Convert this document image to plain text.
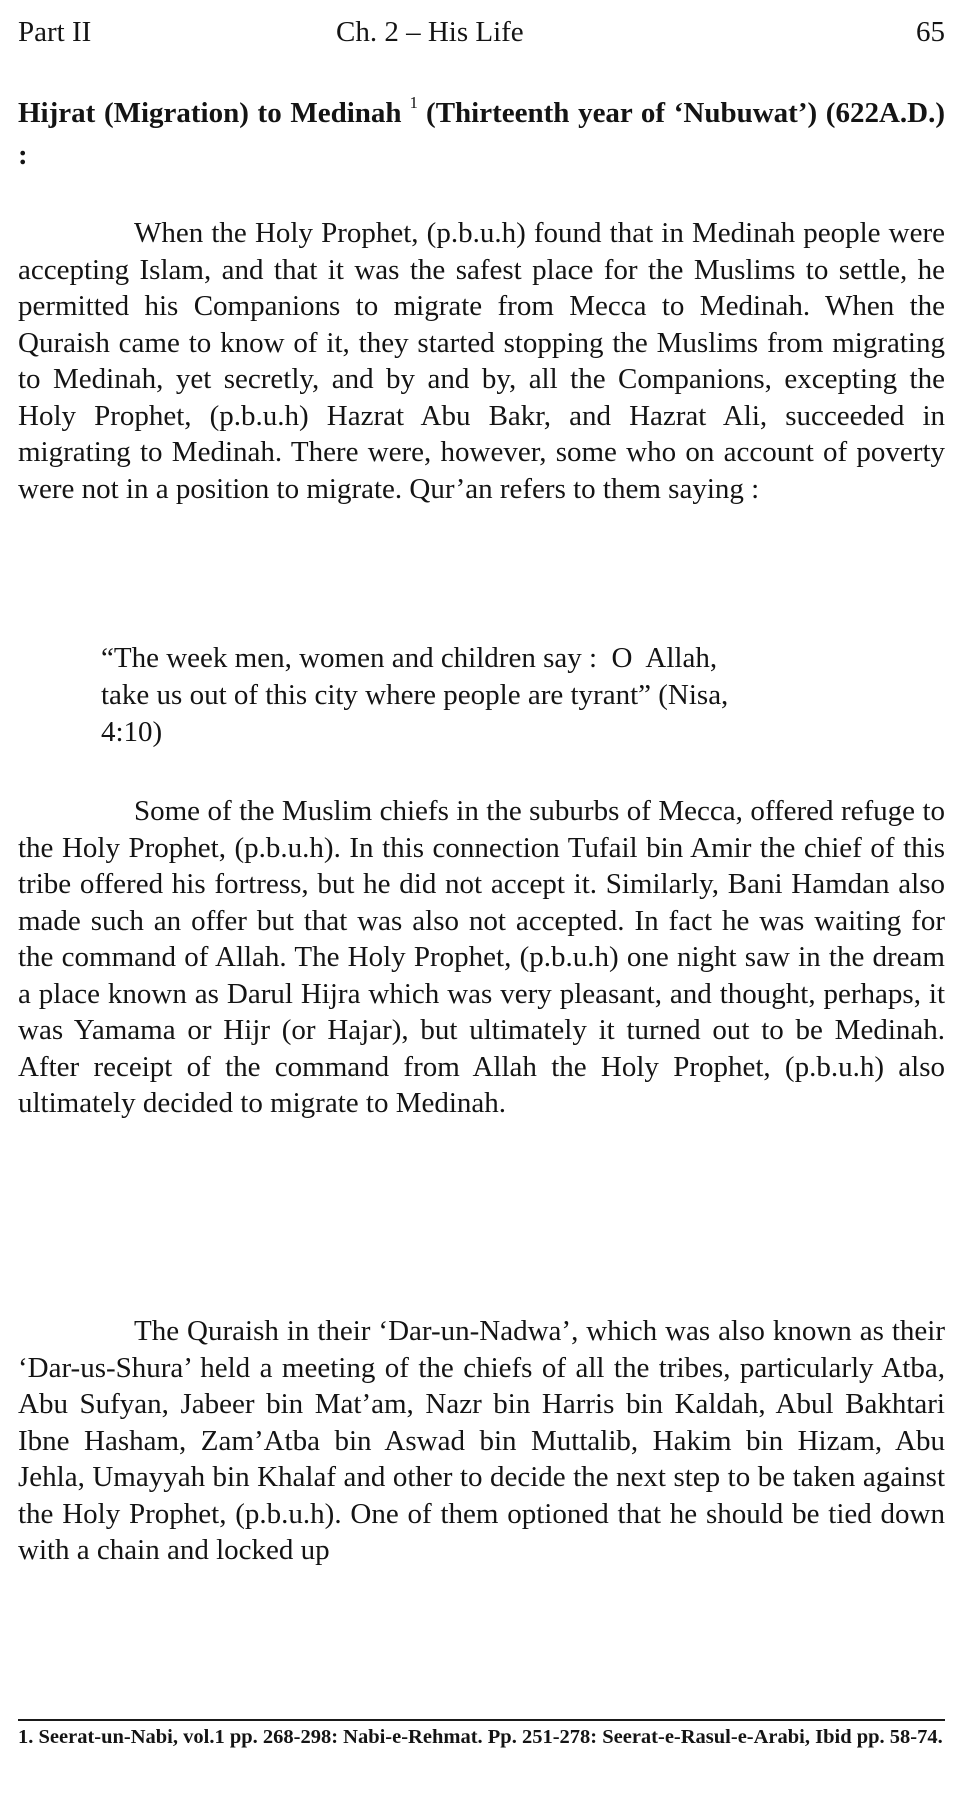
Part II	Ch. 2 – His Life	65
Hijrat (Migration) to Medinah $^1$ (Thirteenth year of ‘Nubuwat’) (622A.D.) :

When the Holy Prophet, (p.b.u.h) found that in Medinah people were accepting Islam, and that it was the safest place for the Muslims to settle, he permitted his Companions to migrate from Mecca to Medinah. When the Quraish came to know of it, they started stopping the Muslims from migrating to Medinah, yet secretly, and by and by, all the Companions, excepting the Holy Prophet, (p.b.u.h) Hazrat Abu Bakr, and Hazrat Ali, succeeded in migrating to Medinah. There were, however, some who on account of poverty were not in a position to migrate. Qur’an refers to them saying :

“The week men, women and children say :  O  Allah,
take us out of this city where people are tyrant” (Nisa,
4:10)

Some of the Muslim chiefs in the suburbs of Mecca, offered refuge to the Holy Prophet, (p.b.u.h). In this connection Tufail bin Amir the chief of this tribe offered his fortress, but he did not accept it. Similarly, Bani Hamdan also made such an offer but that was also not accepted. In fact he was waiting for the command of Allah. The Holy Prophet, (p.b.u.h) one night saw in the dream a place known as Darul Hijra which was very pleasant, and thought, perhaps, it was Yamama or Hijr (or Hajar), but ultimately it turned out to be Medinah. After receipt of the command from Allah the Holy Prophet, (p.b.u.h) also ultimately decided to migrate to Medinah.

The Quraish in their ‘Dar-un-Nadwa’, which was also known as their ‘Dar-us-Shura’ held a meeting of the chiefs of all the tribes, particularly Atba, Abu Sufyan, Jabeer bin Mat’am, Nazr bin Harris bin Kaldah, Abul Bakhtari Ibne Hasham, Zam’Atba bin Aswad bin Muttalib, Hakim bin Hizam, Abu Jehla, Umayyah bin Khalaf and other to decide the next step to be taken against the Holy Prophet, (p.b.u.h). One of them optioned that he should be tied down with a chain and locked up

1. Seerat-un-Nabi, vol.1 pp. 268-298: Nabi-e-Rehmat. Pp. 251-278: Seerat-e-Rasul-e-Arabi, Ibid pp. 58-74.
